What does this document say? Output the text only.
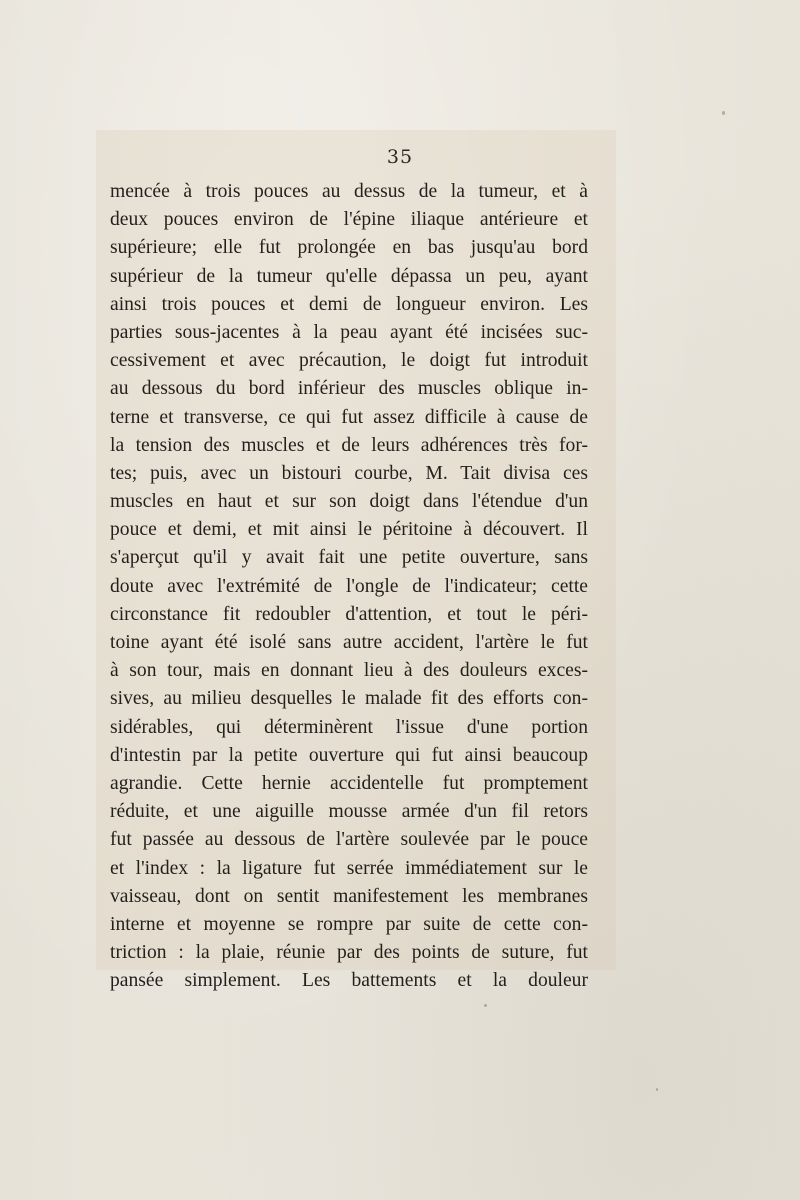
35
mencée à trois pouces au dessus de la tumeur, et à
deux pouces environ de l'épine iliaque antérieure et
supérieure; elle fut prolongée en bas jusqu'au bord
supérieur de la tumeur qu'elle dépassa un peu, ayant
ainsi trois pouces et demi de longueur environ. Les
parties sous-jacentes à la peau ayant été incisées suc-
cessivement et avec précaution, le doigt fut introduit
au dessous du bord inférieur des muscles oblique in-
terne et transverse, ce qui fut assez difficile à cause de
la tension des muscles et de leurs adhérences très for-
tes; puis, avec un bistouri courbe, M. Tait divisa ces
muscles en haut et sur son doigt dans l'étendue d'un
pouce et demi, et mit ainsi le péritoine à découvert. Il
s'aperçut qu'il y avait fait une petite ouverture, sans
doute avec l'extrémité de l'ongle de l'indicateur; cette
circonstance fit redoubler d'attention, et tout le péri-
toine ayant été isolé sans autre accident, l'artère le fut
à son tour, mais en donnant lieu à des douleurs exces-
sives, au milieu desquelles le malade fit des efforts con-
sidérables, qui déterminèrent l'issue d'une portion
d'intestin par la petite ouverture qui fut ainsi beaucoup
agrandie. Cette hernie accidentelle fut promptement
réduite, et une aiguille mousse armée d'un fil retors
fut passée au dessous de l'artère soulevée par le pouce
et l'index : la ligature fut serrée immédiatement sur le
vaisseau, dont on sentit manifestement les membranes
interne et moyenne se rompre par suite de cette con-
triction : la plaie, réunie par des points de suture, fut
pansée simplement. Les battements et la douleur
